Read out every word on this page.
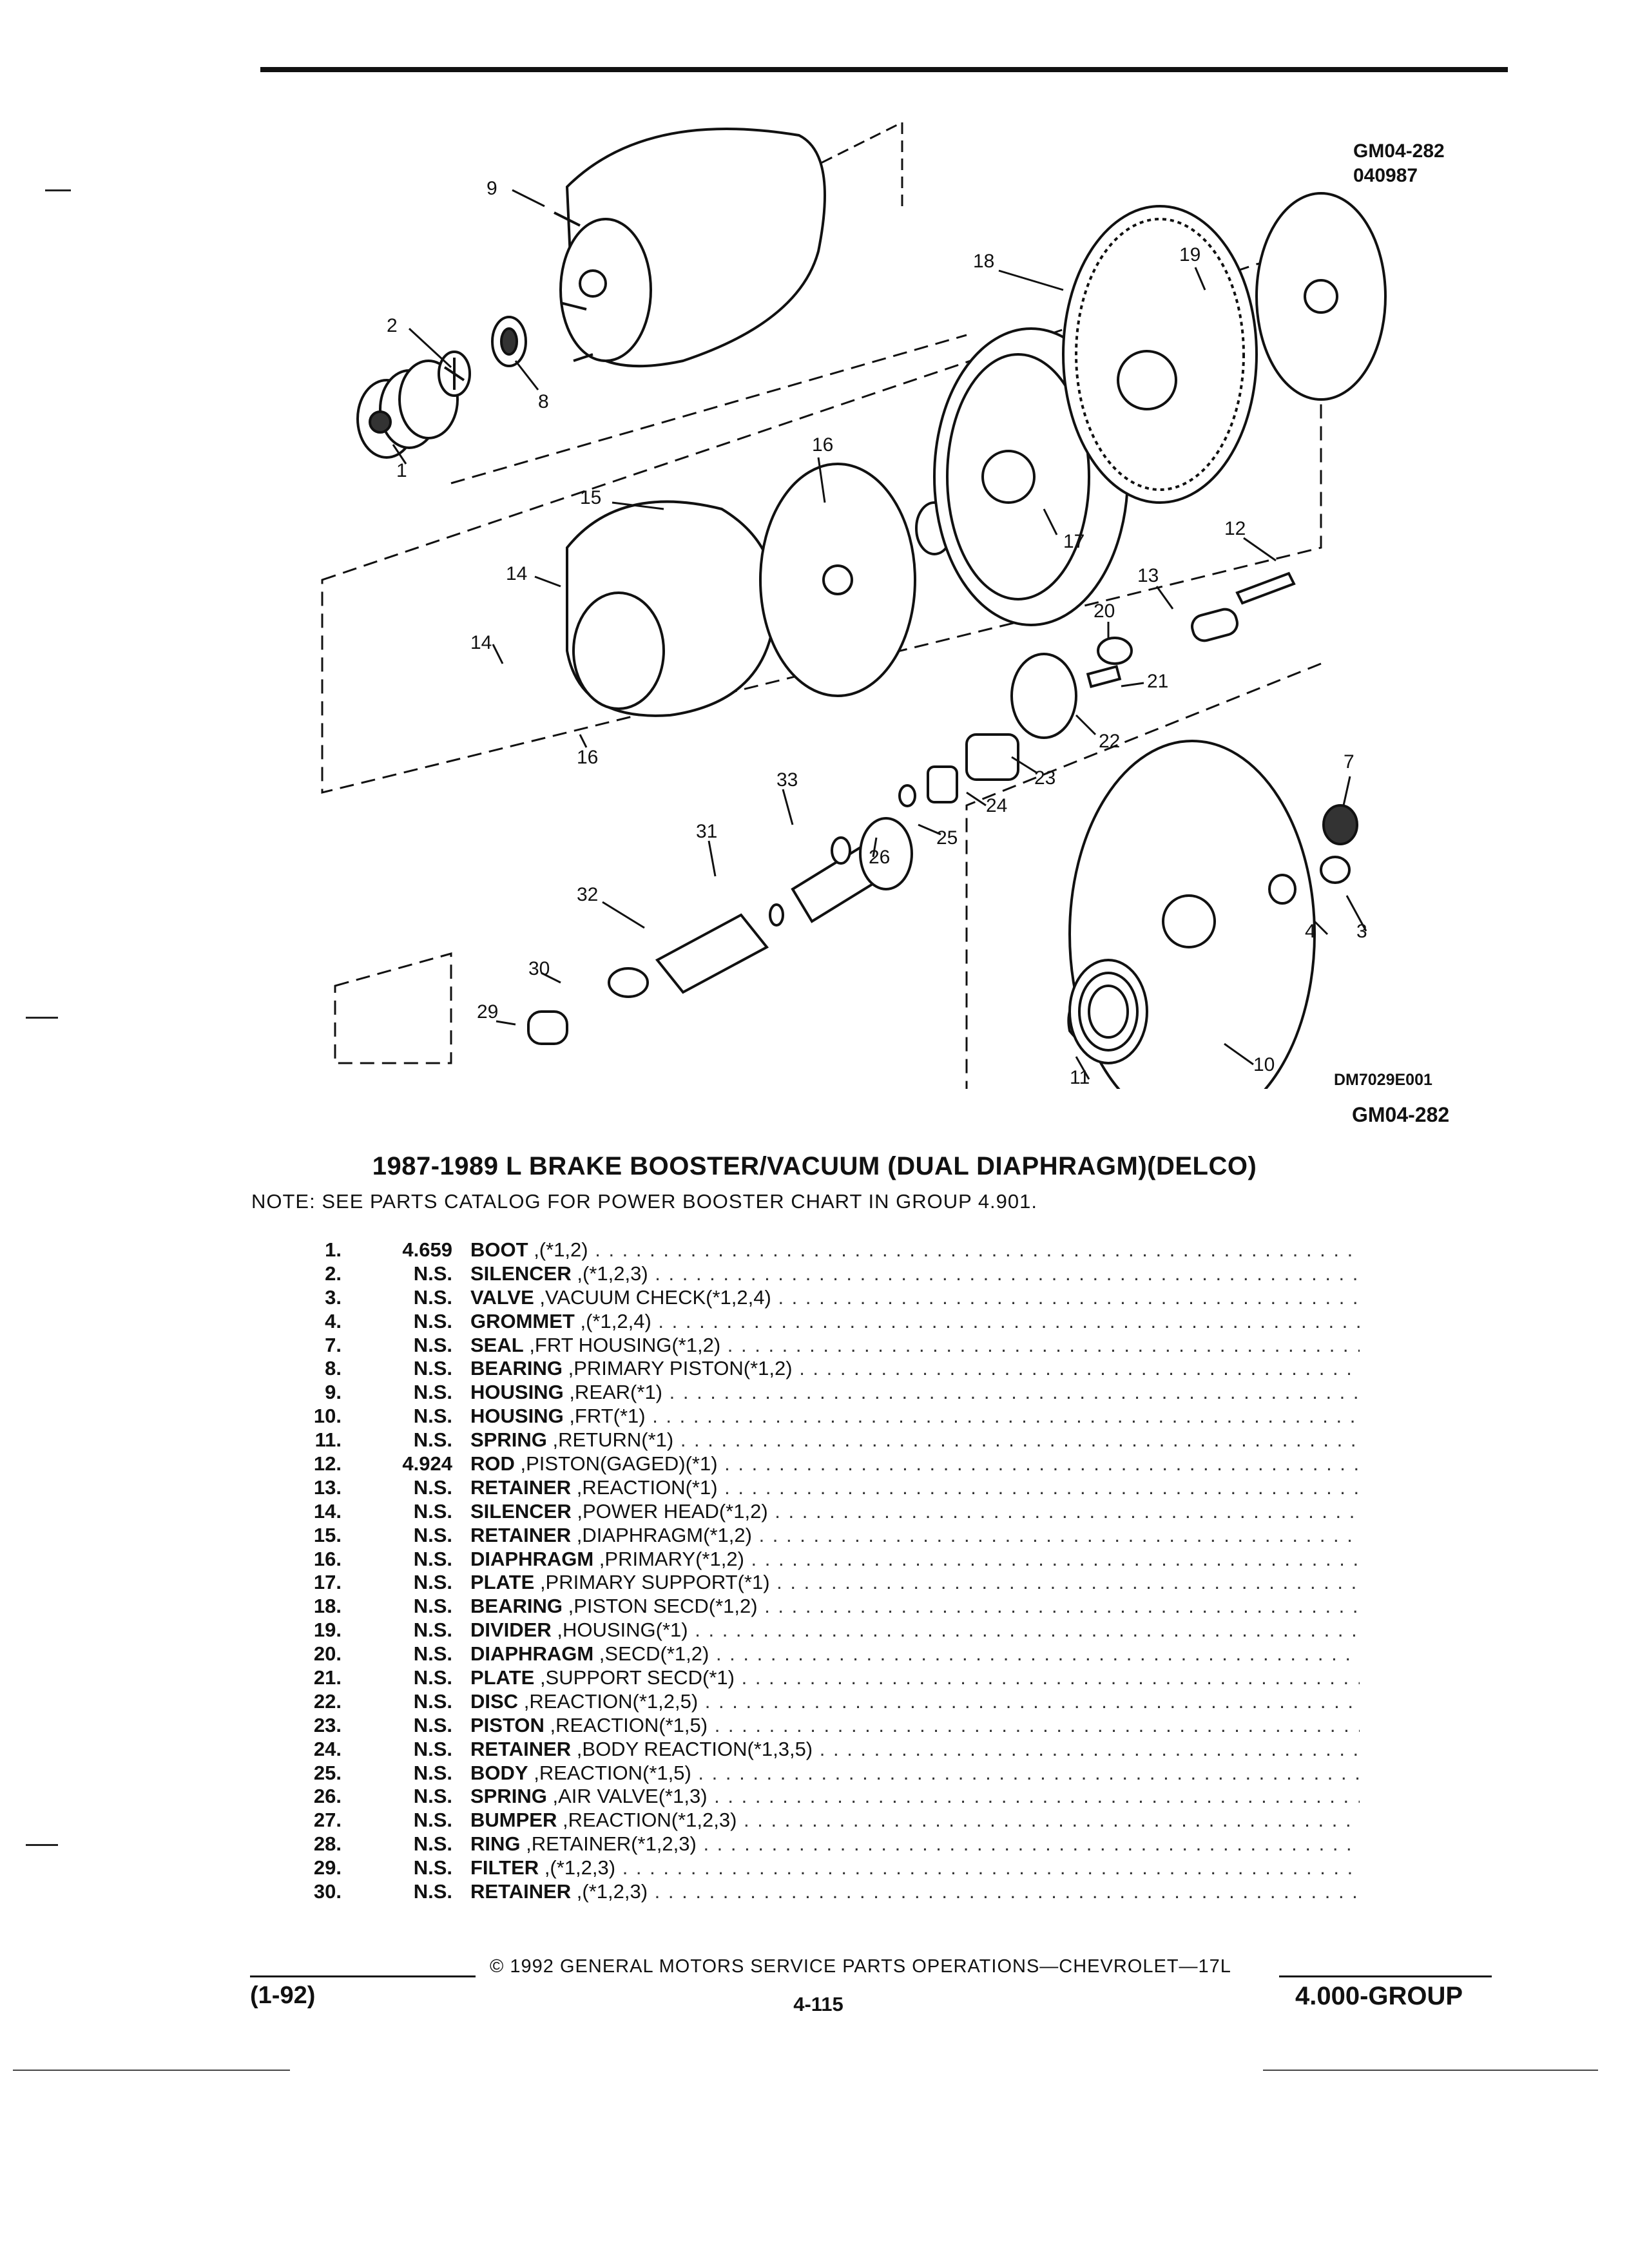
GM04-282
040987
9
2
8
1
19
18
16
15
17
12
13
14
20
14
21
22
16
23
7
33
24
31	25
26
32
4 3
30
29
10
11	DM7029E001
GM04-282
1987-1989 L BRAKE BOOSTER/VACUUM (DUAL DIAPHRAGM)(DELCO)
NOTE: SEE PARTS CATALOG FOR POWER BOOSTER CHART IN GROUP 4.901.
1.	4.659 BOOT ,(*1,2) . . .
2.	N.S. SILENCER ,(*1,2,3) . . .
3.	N.S. VALVE ,VACUUM CHECK(*1,2,4) . . .
4.	N.S. GROMMET ,(*1,2,4) . . .
7.	N.S. SEAL ,FRT HOUSING(*1,2) . . .
8.	N.S. BEARING ,PRIMARY PISTON(*1,2) . . .
9.	N.S. HOUSING ,REAR(*1) . . .
10.	N.S. HOUSING ,FRT(*1) . . .
11.	N.S. SPRING ,RETURN(*1) . . .
12.	4.924 ROD ,PISTON(GAGED)(*1) . . .
13.	N.S. RETAINER ,REACTION(*1) . . .
14.	N.S. SILENCER ,POWER HEAD(*1,2) . . .
15.	N.S. RETAINER ,DIAPHRAGM(*1,2) . . .
16.	N.S. DIAPHRAGM ,PRIMARY(*1,2) . . .
17.	N.S. PLATE ,PRIMARY SUPPORT(*1) . . .
18.	N.S. BEARING ,PISTON SECD(*1,2) . . .
19.	N.S. DIVIDER ,HOUSING(*1) . . .
20.	N.S. DIAPHRAGM ,SECD(*1,2) . . .
21.	N.S. PLATE ,SUPPORT SECD(*1) . . .
22.	N.S. DISC ,REACTION(*1,2,5) . . .
23.	N.S. PISTON ,REACTION(*1,5) . . .
24.	N.S. RETAINER ,BODY REACTION(*1,3,5) . . .
25.	N.S. BODY ,REACTION(*1,5) . . .
26.	N.S. SPRING ,AIR VALVE(*1,3) . . .
27.	N.S. BUMPER ,REACTION(*1,2,3) . . .
28.	N.S. RING ,RETAINER(*1,2,3) . . .
29.	N.S. FILTER ,(*1,2,3) . . .
30.	N.S. RETAINER ,(*1,2,3) . . .
© 1992 GENERAL MOTORS SERVICE PARTS OPERATIONS—CHEVROLET—17L
(1-92)	4-115	4.000-GROUP
